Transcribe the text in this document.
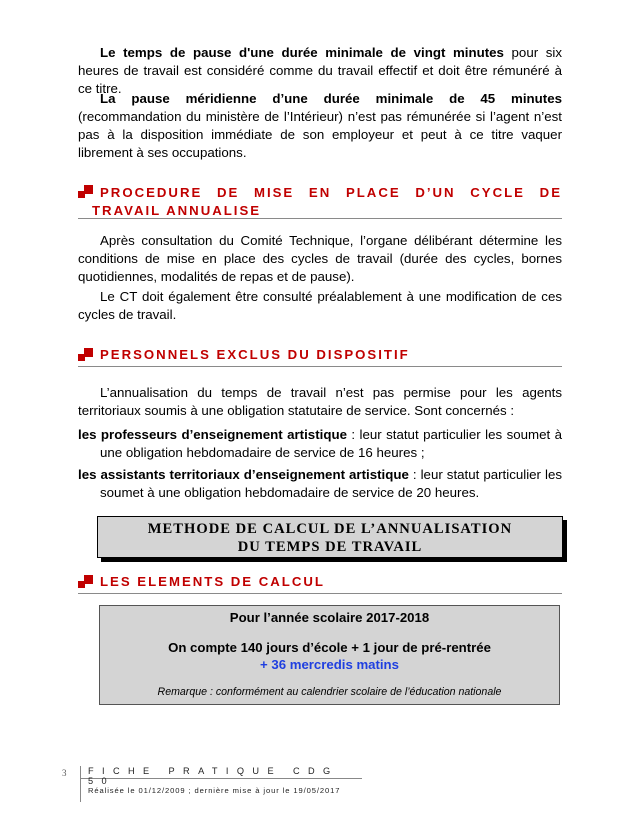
Le temps de pause d'une durée minimale de vingt minutes pour six heures de travail est considéré comme du travail effectif et doit être rémunéré à ce titre.

La pause méridienne d’une durée minimale de 45 minutes (recommandation du ministère de l’Intérieur) n’est pas rémunérée si l’agent n’est pas à la disposition immédiate de son employeur et peut à ce titre vaquer librement à ses occupations.

PROCEDURE DE MISE EN PLACE D’UN CYCLE DE
TRAVAIL ANNUALISE

Après consultation du Comité Technique, l’organe délibérant détermine les conditions de mise en place des cycles de travail (durée des cycles, bornes quotidiennes, modalités de repas et de pause).

Le CT doit également être consulté préalablement à une modification de ces cycles de travail.

PERSONNELS EXCLUS DU DISPOSITIF

L’annualisation du temps de travail n’est pas permise pour les agents territoriaux soumis à une obligation statutaire de service. Sont concernés :

les professeurs d’enseignement artistique : leur statut particulier les soumet à une obligation hebdomadaire de service de 16 heures ;

les assistants territoriaux d’enseignement artistique : leur statut particulier les soumet à une obligation hebdomadaire de service de 20 heures.

METHODE DE CALCUL DE L’ANNUALISATION
DU TEMPS DE TRAVAIL
LES ELEMENTS DE CALCUL
Pour l’année scolaire 2017-2018
On compte 140 jours d’école + 1 jour de pré-rentrée
+ 36 mercredis matins
Remarque : conformément au calendrier scolaire de l’éducation nationale
3 FICHE PRATIQUE CDG 50
Réalisée le 01/12/2009 ; dernière mise à jour le 19/05/2017
